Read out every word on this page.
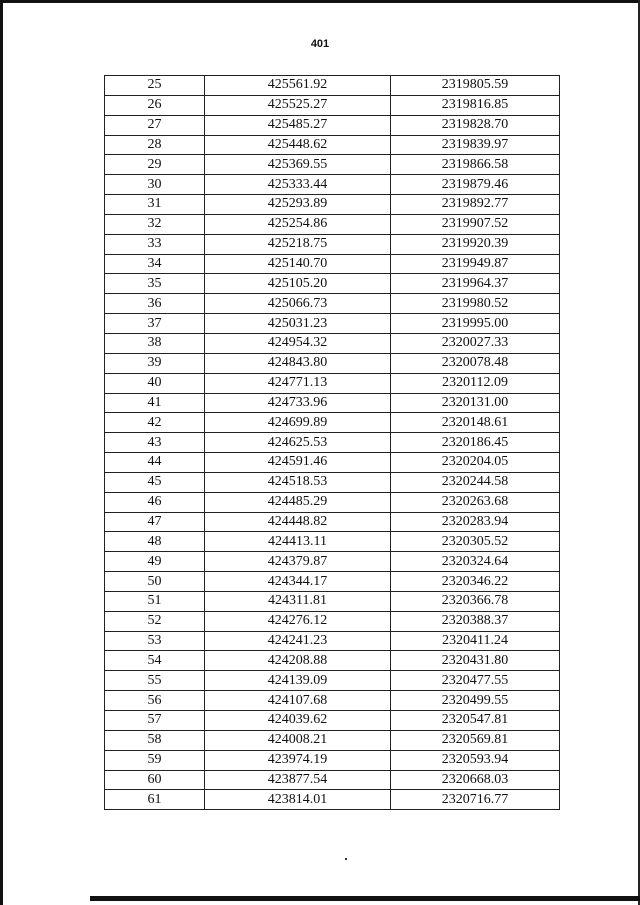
401
25	425561.92	2319805.59
26	425525.27	2319816.85
27	425485.27	2319828.70
28	425448.62	2319839.97
29	425369.55	2319866.58
30	425333.44	2319879.46
31	425293.89	2319892.77
32	425254.86	2319907.52
33	425218.75	2319920.39
34	425140.70	2319949.87
35	425105.20	2319964.37
36	425066.73	2319980.52
37	425031.23	2319995.00
38	424954.32	2320027.33
39	424843.80	2320078.48
40	424771.13	2320112.09
41	424733.96	2320131.00
42	424699.89	2320148.61
43	424625.53	2320186.45
44	424591.46	2320204.05
45	424518.53	2320244.58
46	424485.29	2320263.68
47	424448.82	2320283.94
48	424413.11	2320305.52
49	424379.87	2320324.64
50	424344.17	2320346.22
51	424311.81	2320366.78
52	424276.12	2320388.37
53	424241.23	2320411.24
54	424208.88	2320431.80
55	424139.09	2320477.55
56	424107.68	2320499.55
57	424039.62	2320547.81
58	424008.21	2320569.81
59	423974.19	2320593.94
60	423877.54	2320668.03
61	423814.01	2320716.77
